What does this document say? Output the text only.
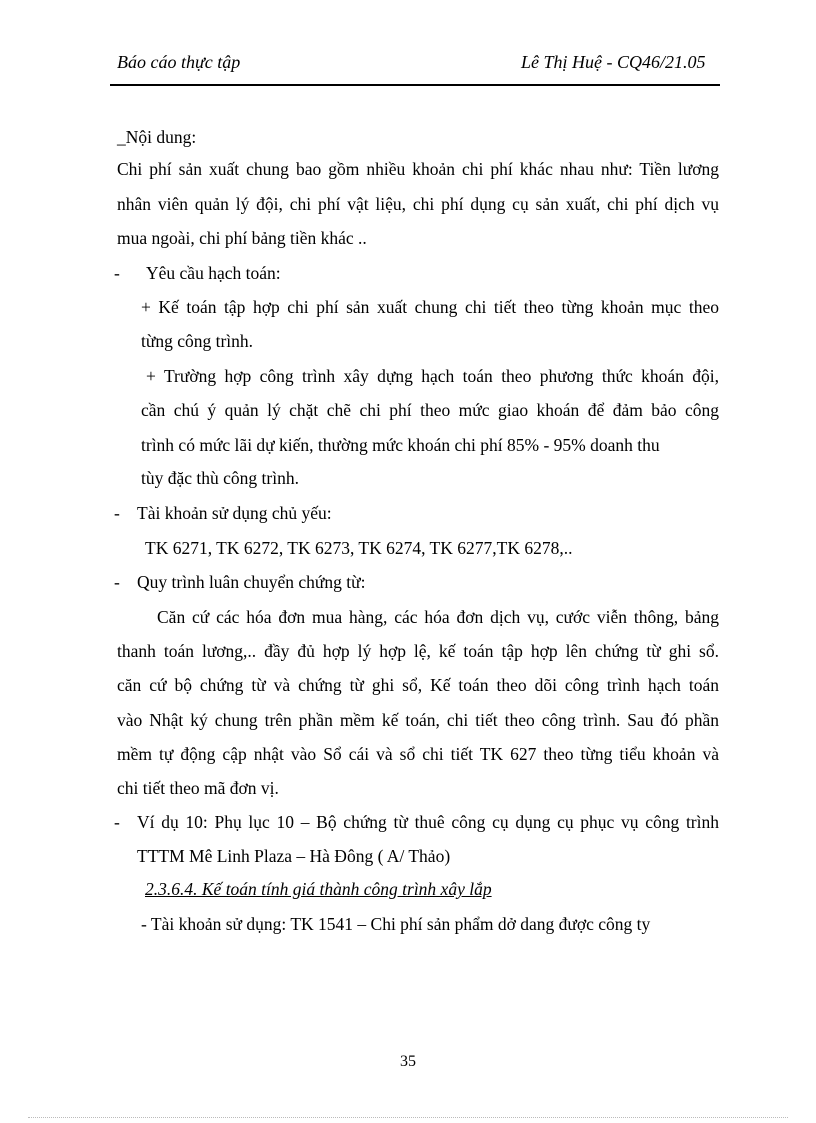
Báo cáo thực tập	Lê Thị Huệ - CQ46/21.05
_Nội dung:
Chi phí sản xuất chung bao gồm nhiều khoản chi phí khác nhau như: Tiền lương
nhân viên quản lý đội, chi phí vật liệu, chi phí dụng cụ sản xuất, chi phí dịch vụ
mua ngoài, chi phí bảng tiền khác ..
- Yêu cầu hạch toán:
+ Kế toán tập hợp chi phí sản xuất chung chi tiết theo từng khoản mục theo
từng công trình.
+ Trường hợp công trình xây dựng hạch toán theo phương thức khoán đội,
cần chú ý quản lý chặt chẽ chi phí theo mức giao khoán để đảm bảo công
trình có mức lãi dự kiến, thường mức khoán chi phí 85% - 95% doanh thu
tùy đặc thù công trình.
- Tài khoản sử dụng chủ yếu:
TK 6271, TK 6272, TK 6273, TK 6274, TK 6277,TK 6278,..
- Quy trình luân chuyển chứng từ:
Căn cứ các hóa đơn mua hàng, các hóa đơn dịch vụ, cước viễn thông, bảng
thanh toán lương,.. đầy đủ hợp lý hợp lệ, kế toán tập hợp lên chứng từ ghi sổ.
căn cứ bộ chứng từ và chứng từ ghi sổ, Kế toán theo dõi công trình hạch toán
vào Nhật ký chung trên phần mềm kế toán, chi tiết theo công trình. Sau đó phần
mềm tự động cập nhật vào Sổ cái và sổ chi tiết TK 627 theo từng tiểu khoản và
chi tiết theo mã đơn vị.
- Ví dụ 10: Phụ lục 10 – Bộ chứng từ thuê công cụ dụng cụ phục vụ công trình
TTTM Mê Linh Plaza – Hà Đông ( A/ Thảo)
2.3.6.4. Kế toán tính giá thành công trình xây lắp
- Tài khoản sử dụng: TK 1541 – Chi phí sản phẩm dở dang được công ty
35
